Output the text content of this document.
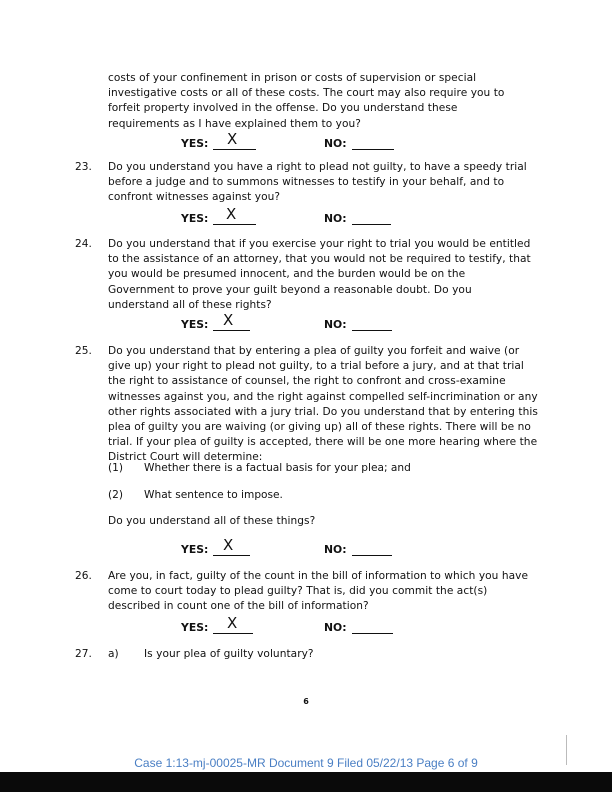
costs of your confinement in prison or costs of supervision or special investigative costs or all of these costs. The court may also require you to forfeit property involved in the offense. Do you understand these requirements as I have explained them to you?
YES: X	NO:
23. Do you understand you have a right to plead not guilty, to have a speedy trial before a judge and to summons witnesses to testify in your behalf, and to confront witnesses against you?
YES: X	NO:
24. Do you understand that if you exercise your right to trial you would be entitled to the assistance of an attorney, that you would not be required to testify, that you would be presumed innocent, and the burden would be on the Government to prove your guilt beyond a reasonable doubt. Do you understand all of these rights?
YES: X	NO:
25. Do you understand that by entering a plea of guilty you forfeit and waive (or give up) your right to plead not guilty, to a trial before a jury, and at that trial the right to assistance of counsel, the right to confront and cross-examine witnesses against you, and the right against compelled self-incrimination or any other rights associated with a jury trial. Do you understand that by entering this plea of guilty you are waiving (or giving up) all of these rights. There will be no trial. If your plea of guilty is accepted, there will be one more hearing where the District Court will determine:
(1) Whether there is a factual basis for your plea; and
(2) What sentence to impose.
Do you understand all of these things?
YES: X	NO:
26. Are you, in fact, guilty of the count in the bill of information to which you have come to court today to plead guilty? That is, did you commit the act(s) described in count one of the bill of information?
YES: X	NO:
27. a) Is your plea of guilty voluntary?
6
Case 1:13-mj-00025-MR Document 9 Filed 05/22/13 Page 6 of 9
